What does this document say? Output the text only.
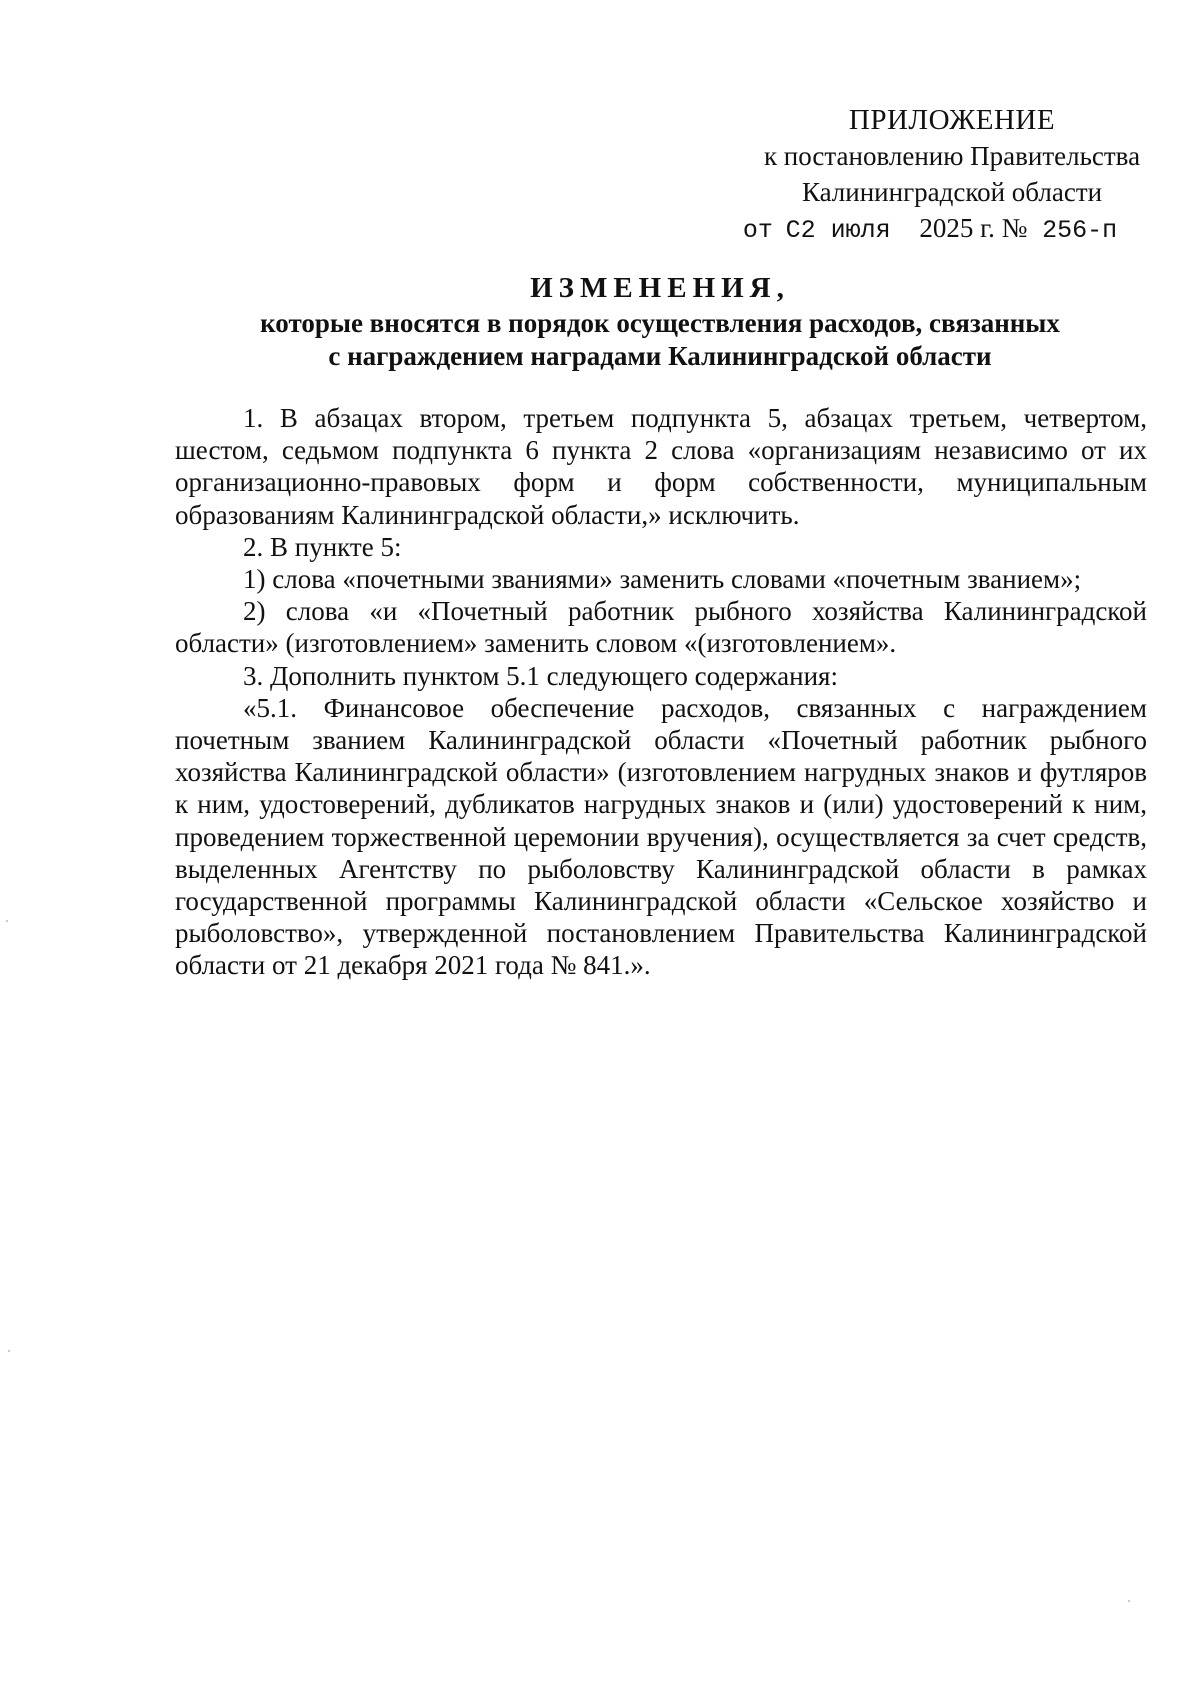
ПРИЛОЖЕНИЕ
к постановлению Правительства
Калининградской области
от С2 июля 2025 г. № 256-п
ИЗМЕНЕНИЯ,
которые вносятся в порядок осуществления расходов, связанных
с награждением наградами Калининградской области

1. В абзацах втором, третьем подпункта 5, абзацах третьем, четвертом, шестом, седьмом подпункта 6 пункта 2 слова «организациям независимо от их организационно-правовых форм и форм собственности, муниципальным образованиям Калининградской области,» исключить.

2. В пункте 5:

1) слова «почетными званиями» заменить словами «почетным званием»;

2) слова «и «Почетный работник рыбного хозяйства Калининградской области» (изготовлением» заменить словом «(изготовлением».

3. Дополнить пунктом 5.1 следующего содержания:

«5.1. Финансовое обеспечение расходов, связанных с награждением почетным званием Калининградской области «Почетный работник рыбного хозяйства Калининградской области» (изготовлением нагрудных знаков и футляров к ним, удостоверений, дубликатов нагрудных знаков и (или) удостоверений к ним, проведением торжественной церемонии вручения), осуществляется за счет средств, выделенных Агентству по рыболовству Калининградской области в рамках государственной программы Калининградской области «Сельское хозяйство и рыболовство», утвержденной постановлением Правительства Калининградской области от 21 декабря 2021 года № 841.».
